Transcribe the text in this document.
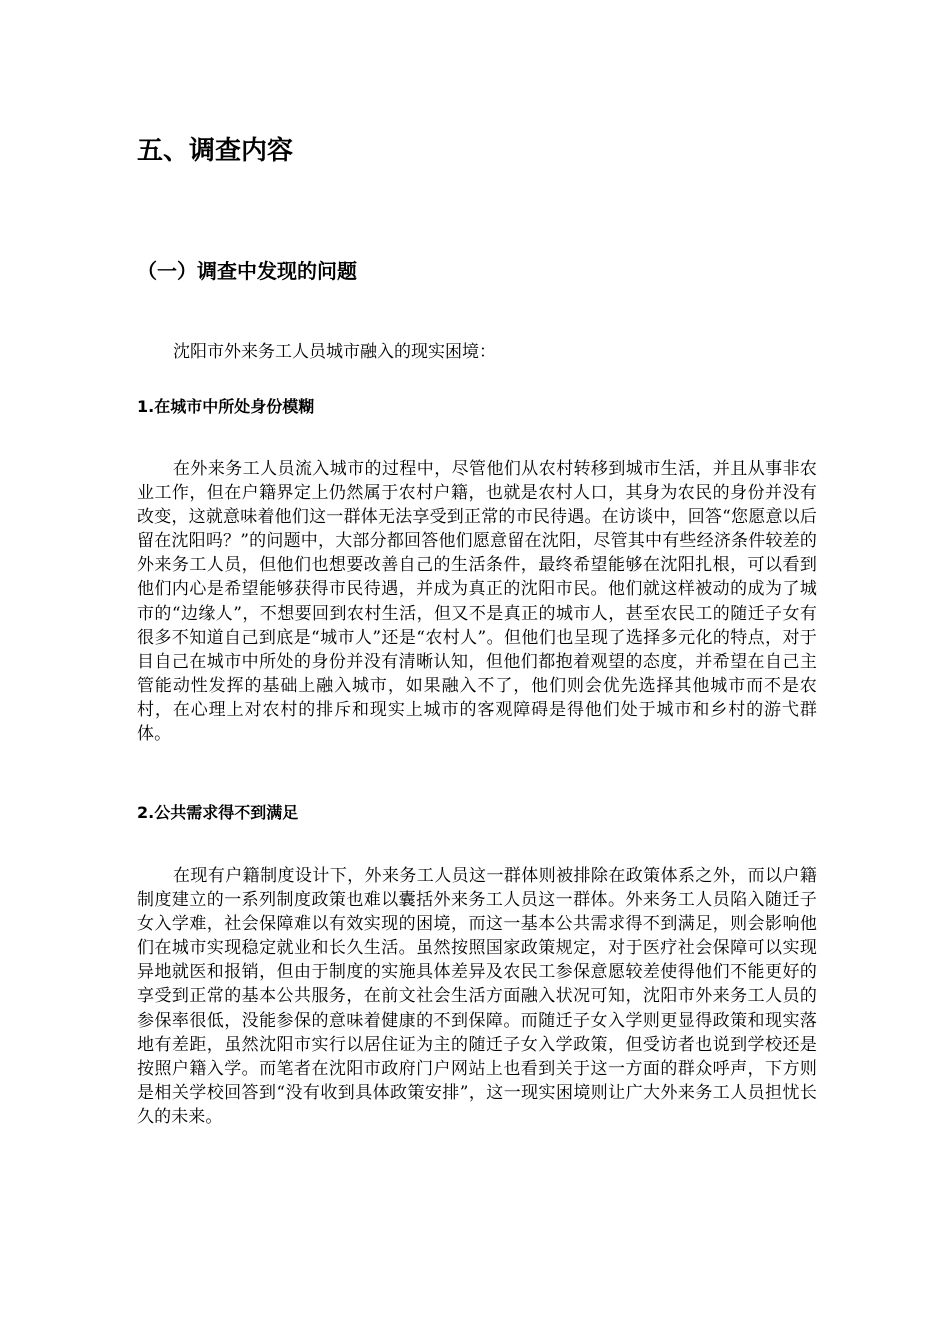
五、调查内容
（一）调查中发现的问题

沈阳市外来务工人员城市融入的现实困境：

1.在城市中所处身份模糊

在外来务工人员流入城市的过程中，尽管他们从农村转移到城市生活，并且从事非农业工作，但在户籍界定上仍然属于农村户籍，也就是农村人口，其身为农民的身份并没有改变，这就意味着他们这一群体无法享受到正常的市民待遇。在访谈中，回答“您愿意以后留在沈阳吗？”的问题中，大部分都回答他们愿意留在沈阳，尽管其中有些经济条件较差的外来务工人员，但他们也想要改善自己的生活条件，最终希望能够在沈阳扎根，可以看到他们内心是希望能够获得市民待遇，并成为真正的沈阳市民。他们就这样被动的成为了城市的“边缘人”，不想要回到农村生活，但又不是真正的城市人，甚至农民工的随迁子女有很多不知道自己到底是“城市人”还是“农村人”。但他们也呈现了选择多元化的特点，对于目自己在城市中所处的身份并没有清晰认知，但他们都抱着观望的态度，并希望在自己主管能动性发挥的基础上融入城市，如果融入不了，他们则会优先选择其他城市而不是农村，在心理上对农村的排斥和现实上城市的客观障碍是得他们处于城市和乡村的游弋群体。

2.公共需求得不到满足

在现有户籍制度设计下，外来务工人员这一群体则被排除在政策体系之外，而以户籍制度建立的一系列制度政策也难以囊括外来务工人员这一群体。外来务工人员陷入随迁子女入学难，社会保障难以有效实现的困境，而这一基本公共需求得不到满足，则会影响他们在城市实现稳定就业和长久生活。虽然按照国家政策规定，对于医疗社会保障可以实现异地就医和报销，但由于制度的实施具体差异及农民工参保意愿较差使得他们不能更好的享受到正常的基本公共服务，在前文社会生活方面融入状况可知，沈阳市外来务工人员的参保率很低，没能参保的意味着健康的不到保障。而随迁子女入学则更显得政策和现实落地有差距，虽然沈阳市实行以居住证为主的随迁子女入学政策，但受访者也说到学校还是按照户籍入学。而笔者在沈阳市政府门户网站上也看到关于这一方面的群众呼声，下方则是相关学校回答到“没有收到具体政策安排”，这一现实困境则让广大外来务工人员担忧长久的未来。
